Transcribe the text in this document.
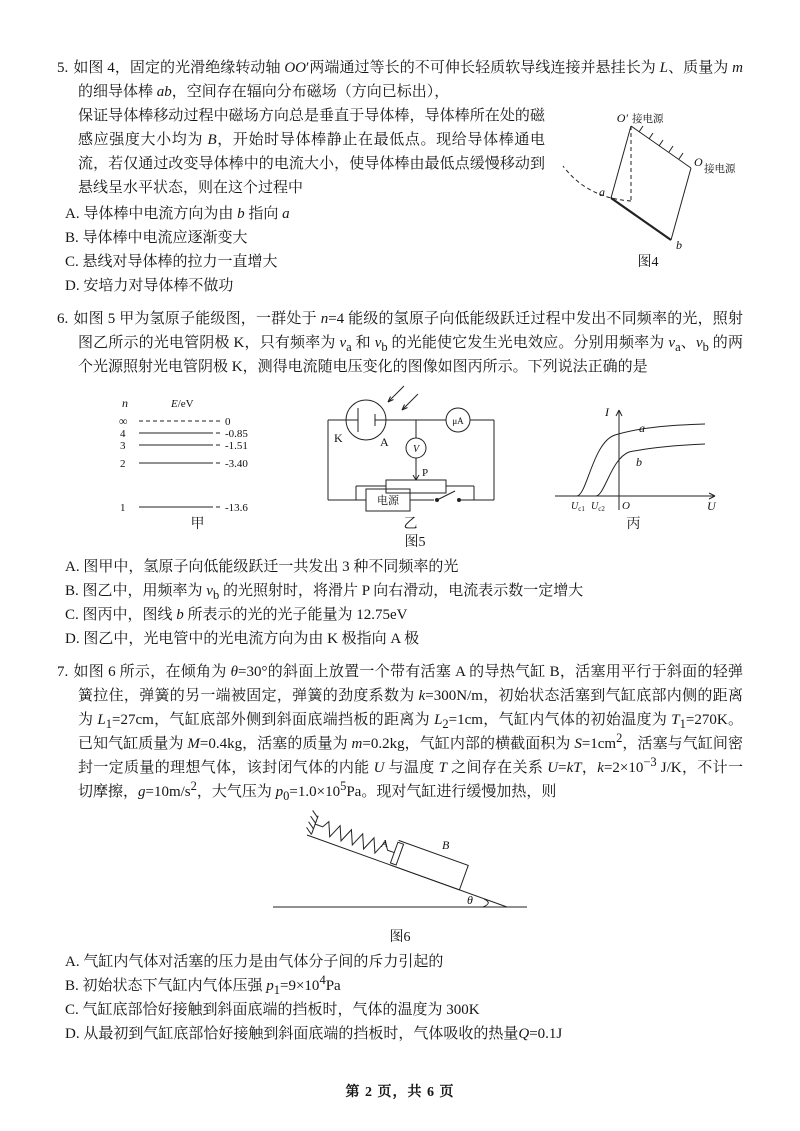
5. 如图 4，固定的光滑绝缘转动轴 OO′两端通过等长的不可伸长轻质软导线连接并悬挂长为 L、质量为 m 的细导体棒 ab，空间存在辐向分布磁场（方向已标出），

O′ 接电源
O
接电源
a
b
图4

保证导体棒移动过程中磁场方向总是垂直于导体棒，导体棒所在处的磁感应强度大小均为 B，开始时导体棒静止在最低点。现给导体棒通电流，若仅通过改变导体棒中的电流大小，使导体棒由最低点缓慢移动到悬线呈水平状态，则在这个过程中

A. 导体棒中电流方向为由 b 指向 a

B. 导体棒中电流应逐渐变大

C. 悬线对导体棒的拉力一直增大

D. 安培力对导体棒不做功

6. 如图 5 甲为氢原子能级图，一群处于 n=4 能级的氢原子向低能级跃迁过程中发出不同频率的光，照射图乙所示的光电管阴极 K，只有频率为 $\nu_a$ 和 $\nu_b$ 的光能使它发生光电效应。分别用频率为 $\nu_a$、$\nu_b$ 的两个光源照射光电管阴极 K，测得电流随电压变化的图像如图丙所示。下列说法正确的是

n	E/eV
∞	0
4	-0.85
3	-1.51
2	-3.40
1	-13.6
甲
K	A
μA
电源
V
P
乙
I
U
O
a
b
$U_{c1}$ $U_{c2}$
丙
图5

A. 图甲中，氢原子向低能级跃迁一共发出 3 种不同频率的光

B. 图乙中，用频率为 $\nu_b$ 的光照射时，将滑片 P 向右滑动，电流表示数一定增大

C. 图丙中，图线 b 所表示的光的光子能量为 12.75eV

D. 图乙中，光电管中的光电流方向为由 K 极指向 A 极

7. 如图 6 所示，在倾角为 θ=30°的斜面上放置一个带有活塞 A 的导热气缸 B，活塞用平行于斜面的轻弹簧拉住，弹簧的另一端被固定，弹簧的劲度系数为 k=300N/m，初始状态活塞到气缸底部内侧的距离为 $L_1=27cm$，气缸底部外侧到斜面底端挡板的距离为 $L_2=1cm$，气缸内气体的初始温度为 $T_1=270K$。已知气缸质量为 M=0.4kg，活塞的质量为 m=0.2kg，气缸内部的横截面积为 $S=1cm^2$，活塞与气缸间密封一定质量的理想气体，该封闭气体的内能 U 与温度 T 之间存在关系 U=kT，$k=2\times 10^{-3}$ J/K，不计一切摩擦，$g=10m/s^2$，大气压为 $p_0=1.0\times 10^5Pa$。现对气缸进行缓慢加热，则

θ
A	B
图6

A. 气缸内气体对活塞的压力是由气体分子间的斥力引起的

B. 初始状态下气缸内气体压强 $p_1=9\times 10^4Pa$

C. 气缸底部恰好接触到斜面底端的挡板时，气体的温度为 300K

D. 从最初到气缸底部恰好接触到斜面底端的挡板时，气体吸收的热量Q=0.1J

第 2 页，共 6 页
